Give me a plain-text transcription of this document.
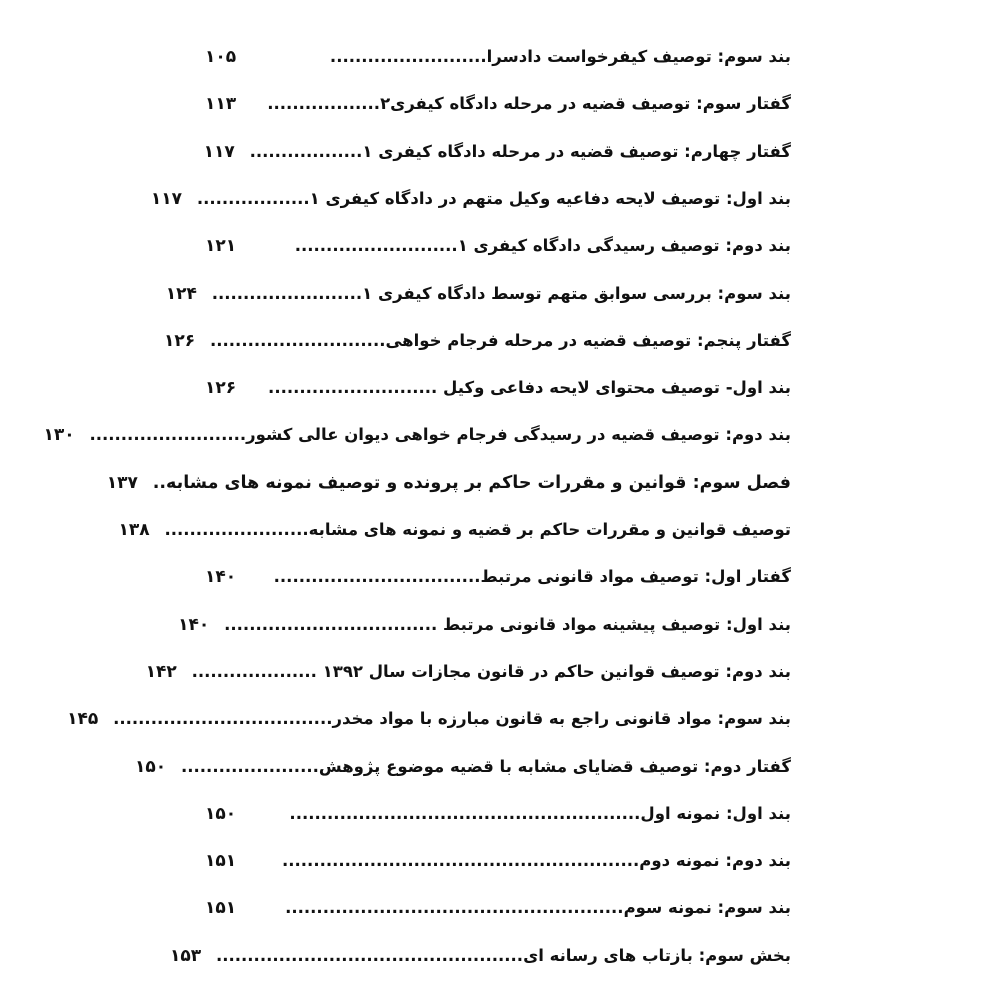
بند سوم: توصیف کیفرخواست دادسرا.........................
۱۰۵
گفتار سوم: توصیف قضیه در مرحله دادگاه کیفری۲..................
۱۱۳
گفتار چهارم: توصیف قضیه در مرحله دادگاه کیفری ۱..................
۱۱۷
بند اول: توصیف لایحه دفاعیه وکیل متهم در دادگاه کیفری ۱..................
۱۱۷
بند دوم: توصیف رسیدگی دادگاه کیفری ۱..........................
۱۲۱
بند سوم: بررسی سوابق متهم توسط دادگاه کیفری ۱........................
۱۲۴
گفتار پنجم: توصیف قضیه در مرحله فرجام خواهی............................
۱۲۶
بند اول- توصیف محتوای لایحه دفاعی وکیل ...........................
۱۲۶
بند دوم: توصیف قضیه در رسیدگی فرجام خواهی دیوان عالی کشور.........................
۱۳۰
فصل سوم: قوانین و مقررات حاکم بر پرونده و توصیف نمونه های مشابه..
۱۳۷
توصیف قوانین و مقررات حاکم بر قضیه و نمونه های مشابه.......................
۱۳۸
گفتار اول: توصیف مواد قانونی مرتبط.................................
۱۴۰
بند اول: توصیف پیشینه مواد قانونی مرتبط ..................................
۱۴۰
بند دوم: توصیف قوانین حاکم در قانون مجازات سال ۱۳۹۲ ....................
۱۴۲
بند سوم: مواد قانونی راجع به قانون مبارزه با مواد مخدر...................................
۱۴۵
گفتار دوم: توصیف قضایای مشابه با قضیه موضوع پژوهش......................
۱۵۰
بند اول: نمونه اول........................................................
۱۵۰
بند دوم: نمونه دوم.........................................................
۱۵۱
بند سوم: نمونه سوم......................................................
۱۵۱
بخش سوم: بازتاب های رسانه ای.................................................
۱۵۳
